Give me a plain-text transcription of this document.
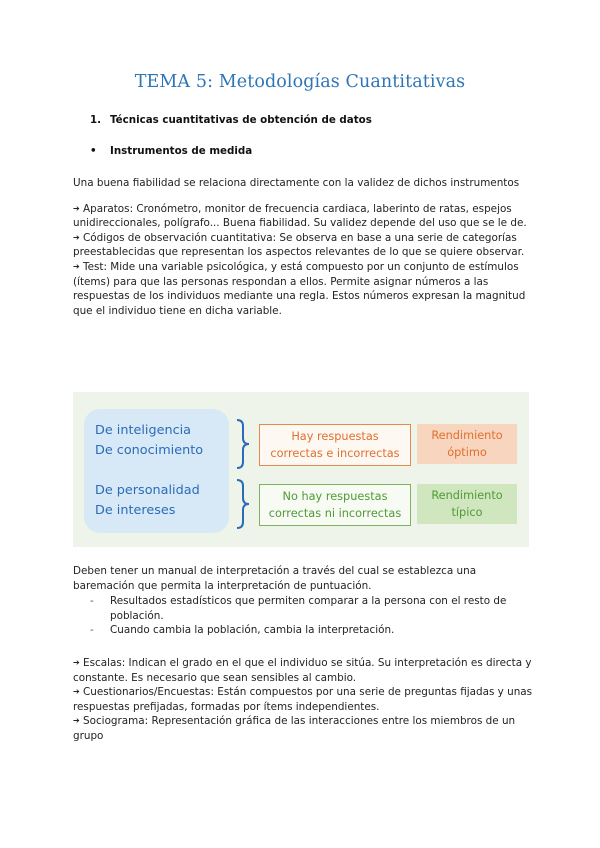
TEMA 5: Metodologías Cuantitativas
1. Técnicas cuantitativas de obtención de datos
• Instrumentos de medida

Una buena fiabilidad se relaciona directamente con la validez de dichos instrumentos

➔ Aparatos: Cronómetro, monitor de frecuencia cardiaca, laberinto de ratas, espejos unidireccionales, polígrafo... Buena fiabilidad. Su validez depende del uso que se le de.

➔ Códigos de observación cuantitativa: Se observa en base a una serie de categorías preestablecidas que representan los aspectos relevantes de lo que se quiere observar.

➔ Test: Mide una variable psicológica, y está compuesto por un conjunto de estímulos (ítems) para que las personas respondan a ellos. Permite asignar números a las respuestas de los individuos mediante una regla. Estos números expresan la magnitud que el individuo tiene en dicha variable.

De inteligencia
De conocimiento
De personalidad
De intereses
Hay respuestas
correctas e incorrectas
No hay respuestas
correctas ni incorrectas
Rendimiento
óptimo
Rendimiento
típico

Deben tener un manual de interpretación a través del cual se establezca una baremación que permita la interpretación de puntuación.

- Resultados estadísticos que permiten comparar a la persona con el resto de población.

- Cuando cambia la población, cambia la interpretación.

➔ Escalas: Indican el grado en el que el individuo se sitúa. Su interpretación es directa y constante. Es necesario que sean sensibles al cambio.

➔ Cuestionarios/Encuestas: Están compuestos por una serie de preguntas fijadas y unas respuestas prefijadas, formadas por ítems independientes.

➔ Sociograma: Representación gráfica de las interacciones entre los miembros de un grupo
